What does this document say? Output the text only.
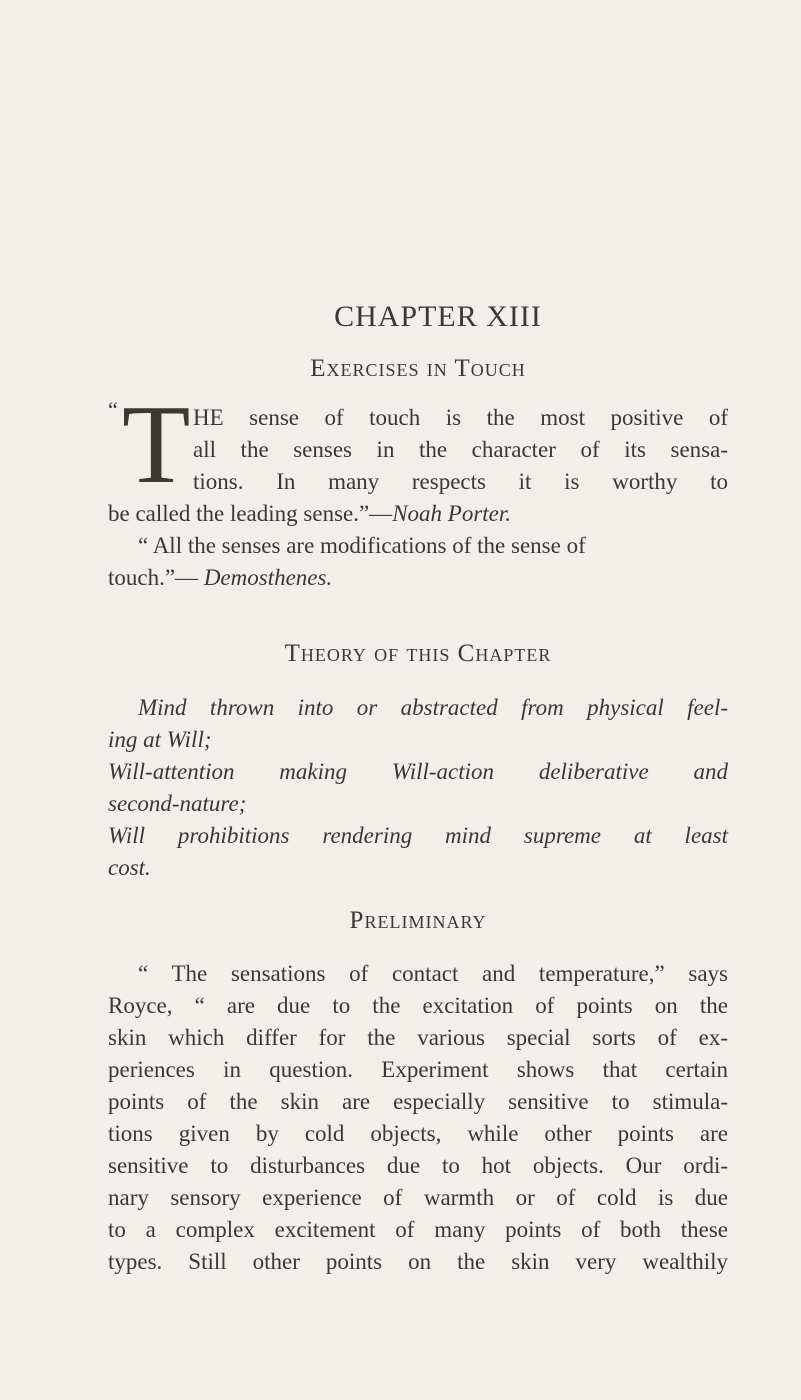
CHAPTER XIII
Exercises in Touch
“ T HE sense of touch is the most positive of
all the senses in the character of its sensa-
tions. In many respects it is worthy to
be called the leading sense.”—Noah Porter.
“ All the senses are modifications of the sense of
touch.”— Demosthenes.
Theory of this Chapter
Mind thrown into or abstracted from physical feel-
ing at Will;
Will-attention making Will-action deliberative and
second-nature;
Will prohibitions rendering mind supreme at least
cost.
Preliminary
“ The sensations of contact and temperature,” says
Royce, “ are due to the excitation of points on the
skin which differ for the various special sorts of ex-
periences in question. Experiment shows that certain
points of the skin are especially sensitive to stimula-
tions given by cold objects, while other points are
sensitive to disturbances due to hot objects. Our ordi-
nary sensory experience of warmth or of cold is due
to a complex excitement of many points of both these
types. Still other points on the skin very wealthily
